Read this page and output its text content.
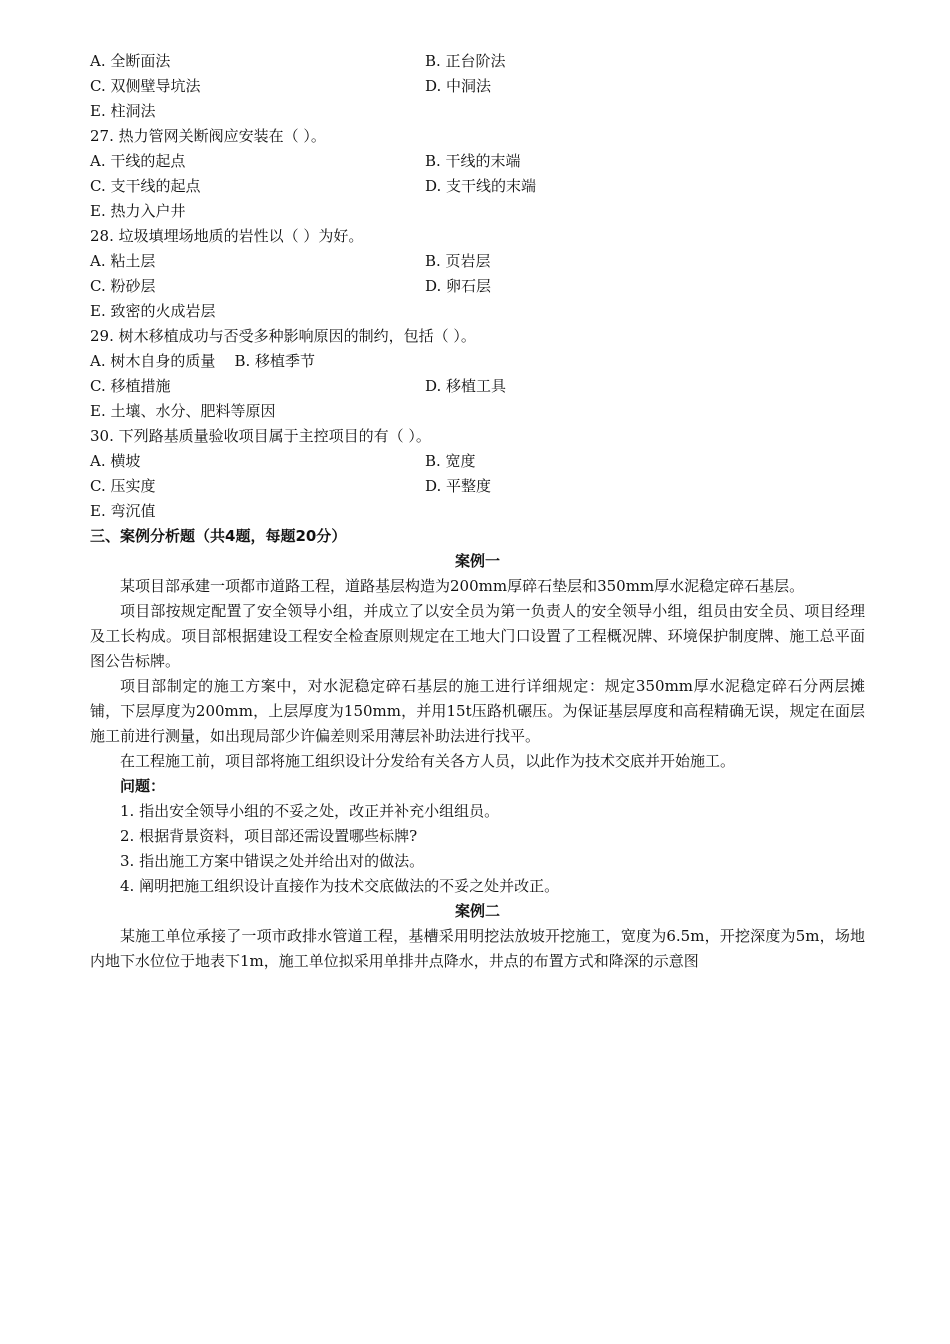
A. 全断面法	B. 正台阶法
C. 双侧壁导坑法	D. 中洞法
E. 柱洞法
27. 热力管网关断阀应安装在（ ）。
A. 干线的起点	B. 干线的末端
C. 支干线的起点	D. 支干线的末端
E. 热力入户井
28. 垃圾填埋场地质的岩性以（ ）为好。
A. 粘土层	B. 页岩层
C. 粉砂层	D. 卵石层
E. 致密的火成岩层
29. 树木移植成功与否受多种影响原因的制约，包括（ ）。
A. 树木自身的质量    B. 移植季节
C. 移植措施	D. 移植工具
E. 土壤、水分、肥料等原因
30. 下列路基质量验收项目属于主控项目的有（ ）。
A. 横坡	B. 宽度
C. 压实度	D. 平整度
E. 弯沉值
三、案例分析题（共4题，每题20分）
案例一
某项目部承建一项都市道路工程，道路基层构造为200mm厚碎石垫层和350mm厚水泥稳定碎石基层。
项目部按规定配置了安全领导小组，并成立了以安全员为第一负责人的安全领导小组，组员由安全员、项目经理及工长构成。项目部根据建设工程安全检查原则规定在工地大门口设置了工程概况牌、环境保护制度牌、施工总平面图公告标牌。
项目部制定的施工方案中，对水泥稳定碎石基层的施工进行详细规定：规定350mm厚水泥稳定碎石分两层摊铺，下层厚度为200mm，上层厚度为150mm，并用15t压路机碾压。为保证基层厚度和高程精确无误，规定在面层施工前进行测量，如出现局部少许偏差则采用薄层补助法进行找平。
在工程施工前，项目部将施工组织设计分发给有关各方人员，以此作为技术交底并开始施工。
问题：
1. 指出安全领导小组的不妥之处，改正并补充小组组员。
2. 根据背景资料，项目部还需设置哪些标牌?
3. 指出施工方案中错误之处并给出对的做法。
4. 阐明把施工组织设计直接作为技术交底做法的不妥之处并改正。
案例二
某施工单位承接了一项市政排水管道工程，基槽采用明挖法放坡开挖施工，宽度为6.5m，开挖深度为5m，场地内地下水位位于地表下1m，施工单位拟采用单排井点降水，井点的布置方式和降深的示意图
